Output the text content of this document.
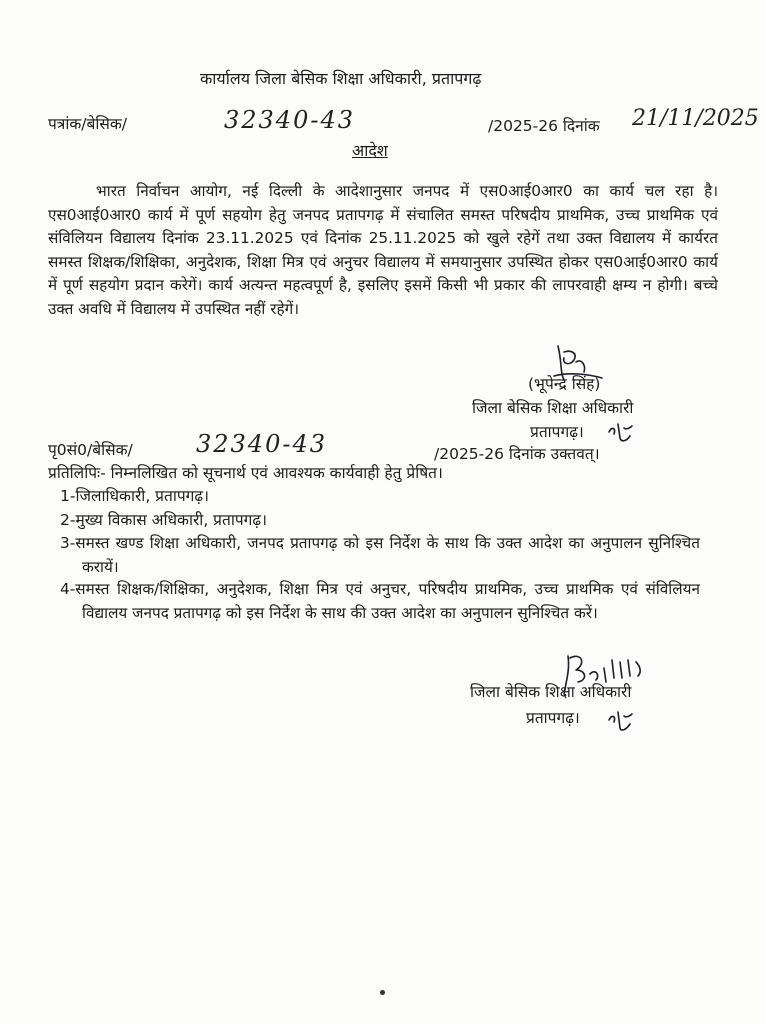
कार्यालय जिला बेसिक शिक्षा अधिकारी, प्रतापगढ़
पत्रांक/बेसिक/	32340-43	/2025-26 दिनांक 21/11/2025
आदेश
भारत निर्वाचन आयोग, नई दिल्ली के आदेशानुसार जनपद में एस0आई0आर0 का कार्य चल रहा है। एस0आई0आर0 कार्य में पूर्ण सहयोग हेतु जनपद प्रतापगढ़ में संचालित समस्त परिषदीय प्राथमिक, उच्च प्राथमिक एवं संविलियन विद्यालय दिनांक 23.11.2025 एवं दिनांक 25.11.2025 को खुले रहेगें तथा उक्त विद्यालय में कार्यरत समस्त शिक्षक/शिक्षिका, अनुदेशक, शिक्षा मित्र एवं अनुचर विद्यालय में समयानुसार उपस्थित होकर एस0आई0आर0 कार्य में पूर्ण सहयोग प्रदान करेगें। कार्य अत्यन्त महत्वपूर्ण है, इसलिए इसमें किसी भी प्रकार की लापरवाही क्षम्य न होगी। बच्चे उक्त अवधि में विद्यालय में उपस्थित नहीं रहेगें।
(भूपेन्द्र सिंह)
जिला बेसिक शिक्षा अधिकारी
प्रतापगढ़।
पृ0सं0/बेसिक/	32340-43	/2025-26 दिनांक उक्तवत्।
प्रतिलिपिः- निम्नलिखित को सूचनार्थ एवं आवश्यक कार्यवाही हेतु प्रेषित।
1-जिलाधिकारी, प्रतापगढ़।
2-मुख्य विकास अधिकारी, प्रतापगढ़।
3-समस्त खण्ड शिक्षा अधिकारी, जनपद प्रतापगढ़ को इस निर्देश के साथ कि उक्त आदेश का अनुपालन सुनिश्चित करायें।
4-समस्त शिक्षक/शिक्षिका, अनुदेशक, शिक्षा मित्र एवं अनुचर, परिषदीय प्राथमिक, उच्च प्राथमिक एवं संविलियन विद्यालय जनपद प्रतापगढ़ को इस निर्देश के साथ की उक्त आदेश का अनुपालन सुनिश्चित करें।
जिला बेसिक शिक्षा अधिकारी
प्रतापगढ़।
